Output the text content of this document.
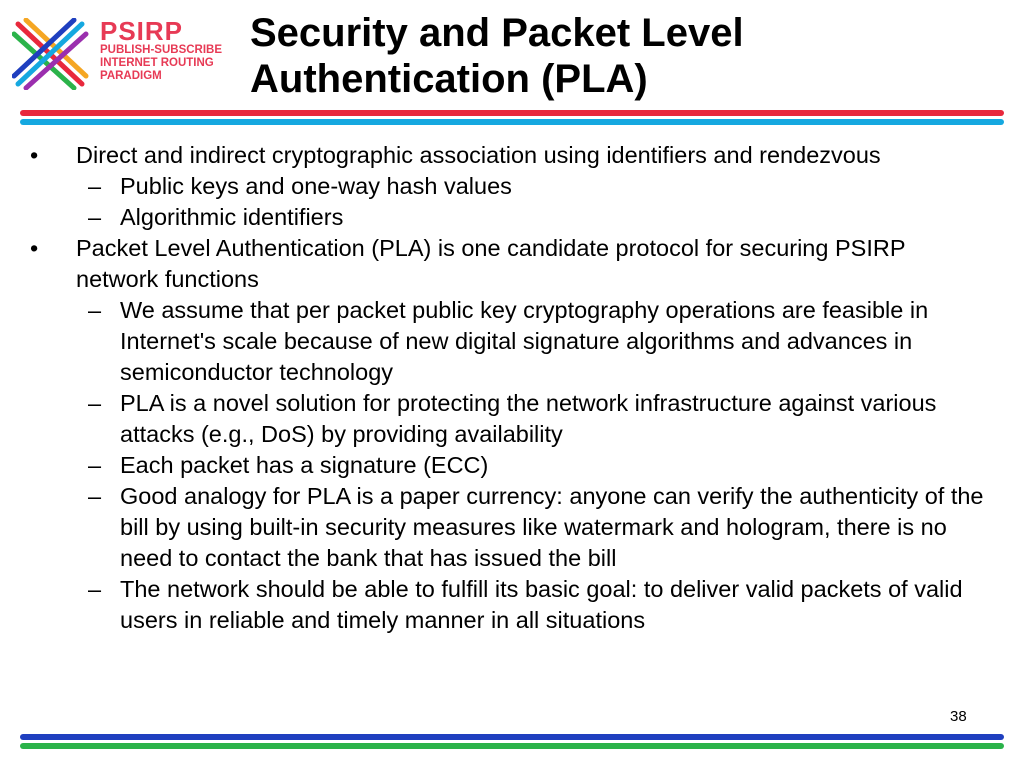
PSIRP
PUBLISH-SUBSCRIBE
INTERNET ROUTING
PARADIGM
Security and Packet Level
Authentication (PLA)
• Direct and indirect cryptographic association using identifiers and rendezvous
– Public keys and one-way hash values
– Algorithmic identifiers
• Packet Level Authentication (PLA) is one candidate protocol for securing PSIRP network functions
– We assume that per packet public key cryptography operations are feasible in Internet's scale because of new digital signature algorithms and advances in semiconductor technology
– PLA is a novel solution for protecting the network infrastructure against various attacks (e.g., DoS) by providing availability
– Each packet has a signature (ECC)
– Good analogy for PLA is a paper currency: anyone can verify the authenticity of the bill by using built-in security measures like watermark and hologram, there is no need to contact the bank that has issued the bill
– The network should be able to fulfill its basic goal: to deliver valid packets of valid users in reliable and timely manner in all situations
38
